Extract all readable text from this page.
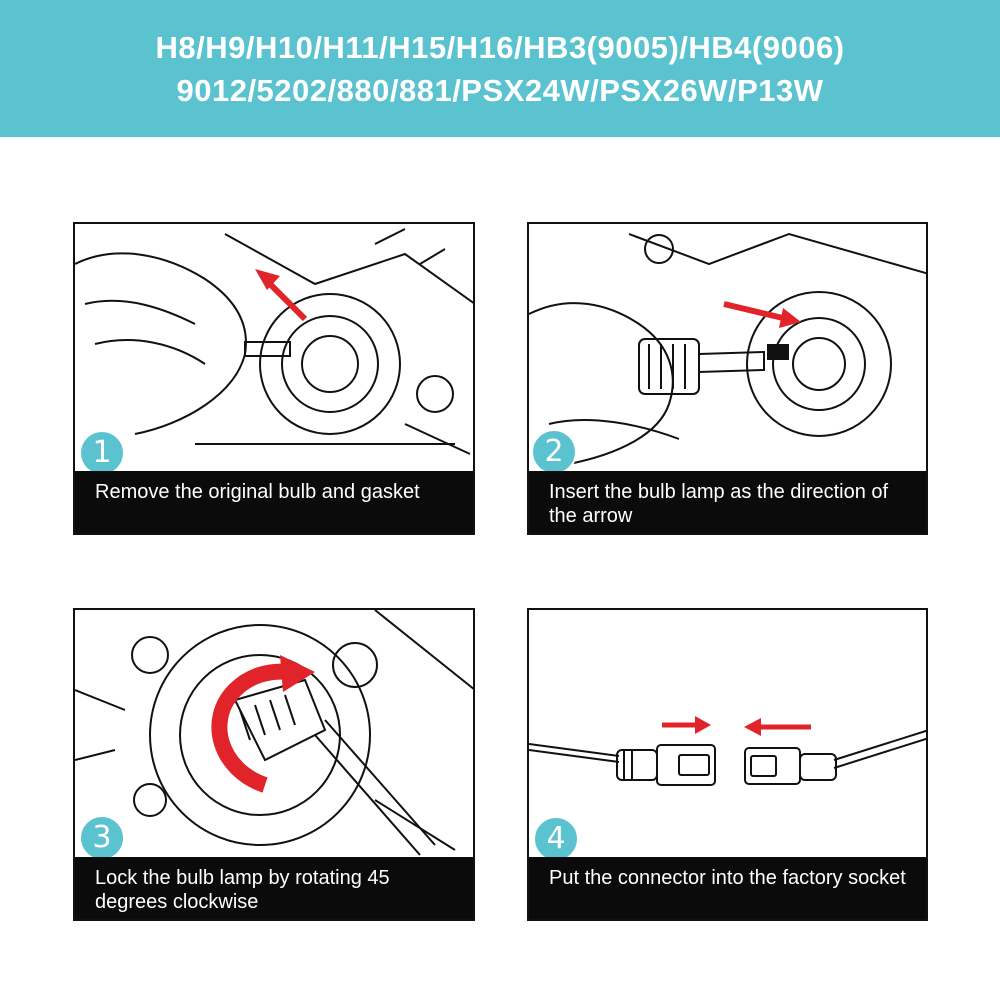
H8/H9/H10/H11/H15/H16/HB3(9005)/HB4(9006)
9012/5202/880/881/PSX24W/PSX26W/P13W
1
Remove the original bulb and gasket
2
Insert the bulb lamp as the direction of the arrow
3
Lock the bulb lamp by rotating 45 degrees clockwise
4
Put the connector into the factory socket
